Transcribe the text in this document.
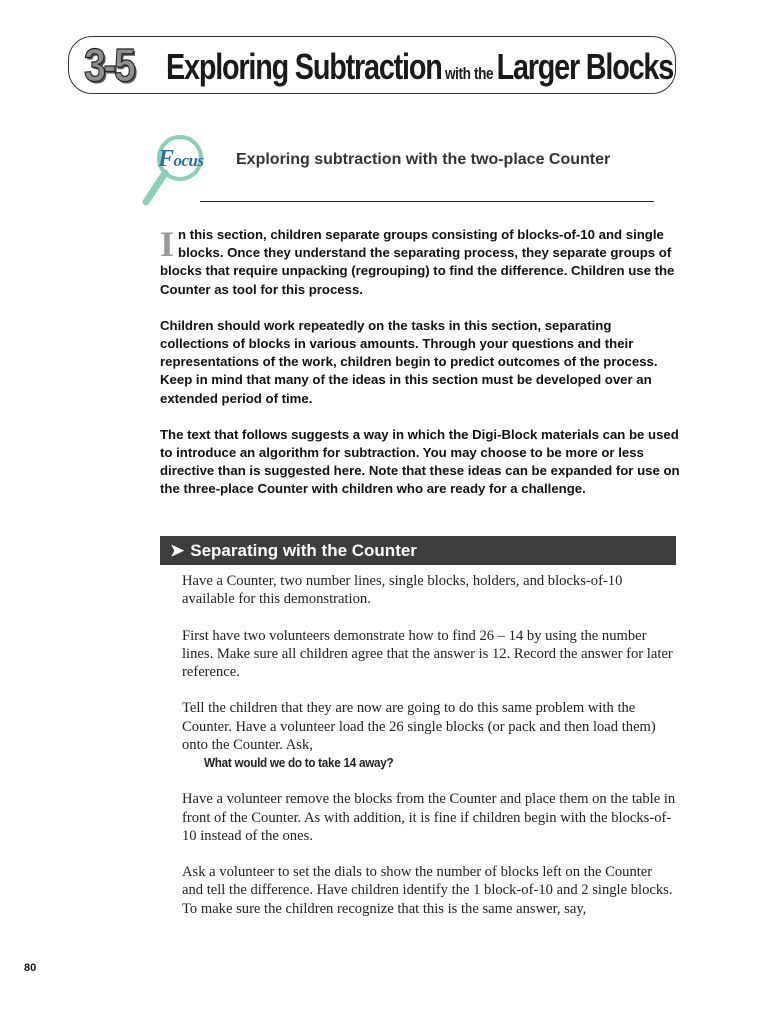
3-5 Exploring Subtraction with the Larger Blocks
Focus Exploring subtraction with the two-place Counter

In this section, children separate groups consisting of blocks-of-10 and single blocks. Once they understand the separating process, they separate groups of blocks that require unpacking (regrouping) to find the difference. Children use the Counter as tool for this process.

Children should work repeatedly on the tasks in this section, separating collections of blocks in various amounts. Through your questions and their representations of the work, children begin to predict outcomes of the process. Keep in mind that many of the ideas in this section must be developed over an extended period of time.

The text that follows suggests a way in which the Digi-Block materials can be used to introduce an algorithm for subtraction. You may choose to be more or less directive than is suggested here. Note that these ideas can be expanded for use on the three-place Counter with children who are ready for a challenge.

➤ Separating with the Counter

Have a Counter, two number lines, single blocks, holders, and blocks-of-10 available for this demonstration.

First have two volunteers demonstrate how to find 26 – 14 by using the number lines. Make sure all children agree that the answer is 12. Record the answer for later reference.

Tell the children that they are now are going to do this same problem with the Counter. Have a volunteer load the 26 single blocks (or pack and then load them) onto the Counter. Ask,
What would we do to take 14 away?

Have a volunteer remove the blocks from the Counter and place them on the table in front of the Counter. As with addition, it is fine if children begin with the blocks-of-10 instead of the ones.

Ask a volunteer to set the dials to show the number of blocks left on the Counter and tell the difference. Have children identify the 1 block-of-10 and 2 single blocks.

To make sure the children recognize that this is the same answer, say,

80
